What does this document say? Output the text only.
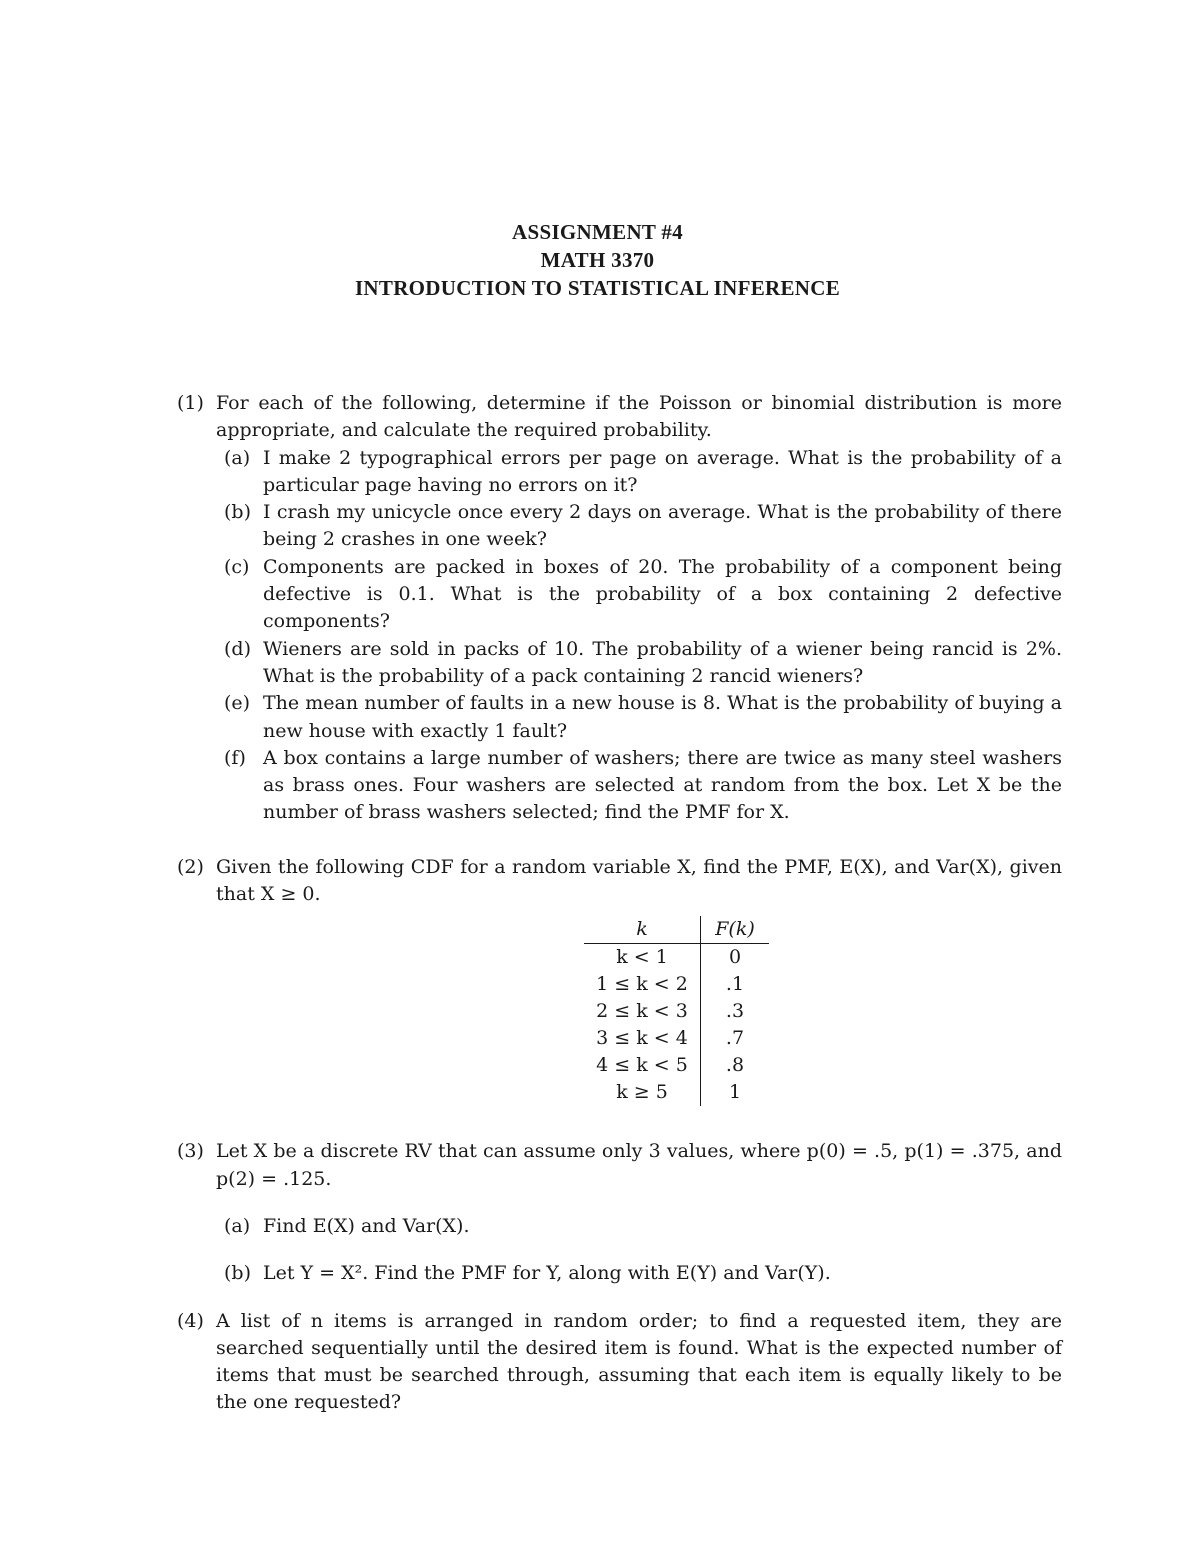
ASSIGNMENT #4
MATH 3370
INTRODUCTION TO STATISTICAL INFERENCE
(1) For each of the following, determine if the Poisson or binomial distribution is more appropriate, and calculate the required probability.
(a) I make 2 typographical errors per page on average. What is the probability of a particular page having no errors on it?
(b) I crash my unicycle once every 2 days on average. What is the probability of there being 2 crashes in one week?
(c) Components are packed in boxes of 20. The probability of a component being defective is 0.1. What is the probability of a box containing 2 defective components?
(d) Wieners are sold in packs of 10. The probability of a wiener being rancid is 2%. What is the probability of a pack containing 2 rancid wieners?
(e) The mean number of faults in a new house is 8. What is the probability of buying a new house with exactly 1 fault?
(f) A box contains a large number of washers; there are twice as many steel washers as brass ones. Four washers are selected at random from the box. Let X be the number of brass washers selected; find the PMF for X.
(2) Given the following CDF for a random variable X, find the PMF, E(X), and Var(X), given that X ≥ 0.
k	F(k)
k < 1	0
1 ≤ k < 2	.1
2 ≤ k < 3	.3
3 ≤ k < 4	.7
4 ≤ k < 5	.8
k ≥ 5	1
(3) Let X be a discrete RV that can assume only 3 values, where p(0) = .5, p(1) = .375, and p(2) = .125.
(a) Find E(X) and Var(X).
(b) Let Y = X². Find the PMF for Y, along with E(Y) and Var(Y).
(4) A list of n items is arranged in random order; to find a requested item, they are searched sequentially until the desired item is found. What is the expected number of items that must be searched through, assuming that each item is equally likely to be the one requested?
